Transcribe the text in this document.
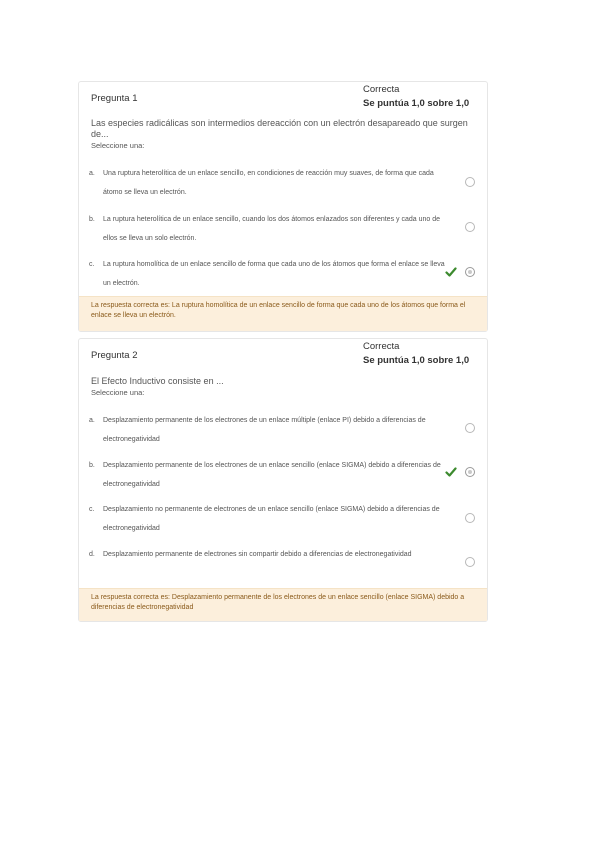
Pregunta 1
Correcta
Se puntúa 1,0 sobre 1,0
Las especies radicálicas son intermedios dereacción con un electrón desapareado que surgen de...
Seleccione una:
a. Una ruptura heterolítica de un enlace sencillo, en condiciones de reacción muy suaves, de forma que cada átomo se lleva un electrón.
b. La ruptura heterolítica de un enlace sencillo, cuando los dos átomos enlazados son diferentes y cada uno de ellos se lleva un solo electrón.
c. La ruptura homolítica de un enlace sencillo de forma que cada uno de los átomos que forma el enlace se lleva un electrón.
La respuesta correcta es: La ruptura homolítica de un enlace sencillo de forma que cada uno de los átomos que forma el enlace se lleva un electrón.
Pregunta 2
Correcta
Se puntúa 1,0 sobre 1,0
El Efecto Inductivo consiste en ...
Seleccione una:
a. Desplazamiento permanente de los electrones de un enlace múltiple (enlace PI) debido a diferencias de electronegatividad
b. Desplazamiento permanente de los electrones de un enlace sencillo (enlace SIGMA) debido a diferencias de electronegatividad
c. Desplazamiento no permanente de electrones de un enlace sencillo (enlace SIGMA) debido a diferencias de electronegatividad
d. Desplazamiento permanente de electrones sin compartir debido a diferencias de electronegatividad
La respuesta correcta es: Desplazamiento permanente de los electrones de un enlace sencillo (enlace SIGMA) debido a diferencias de electronegatividad
